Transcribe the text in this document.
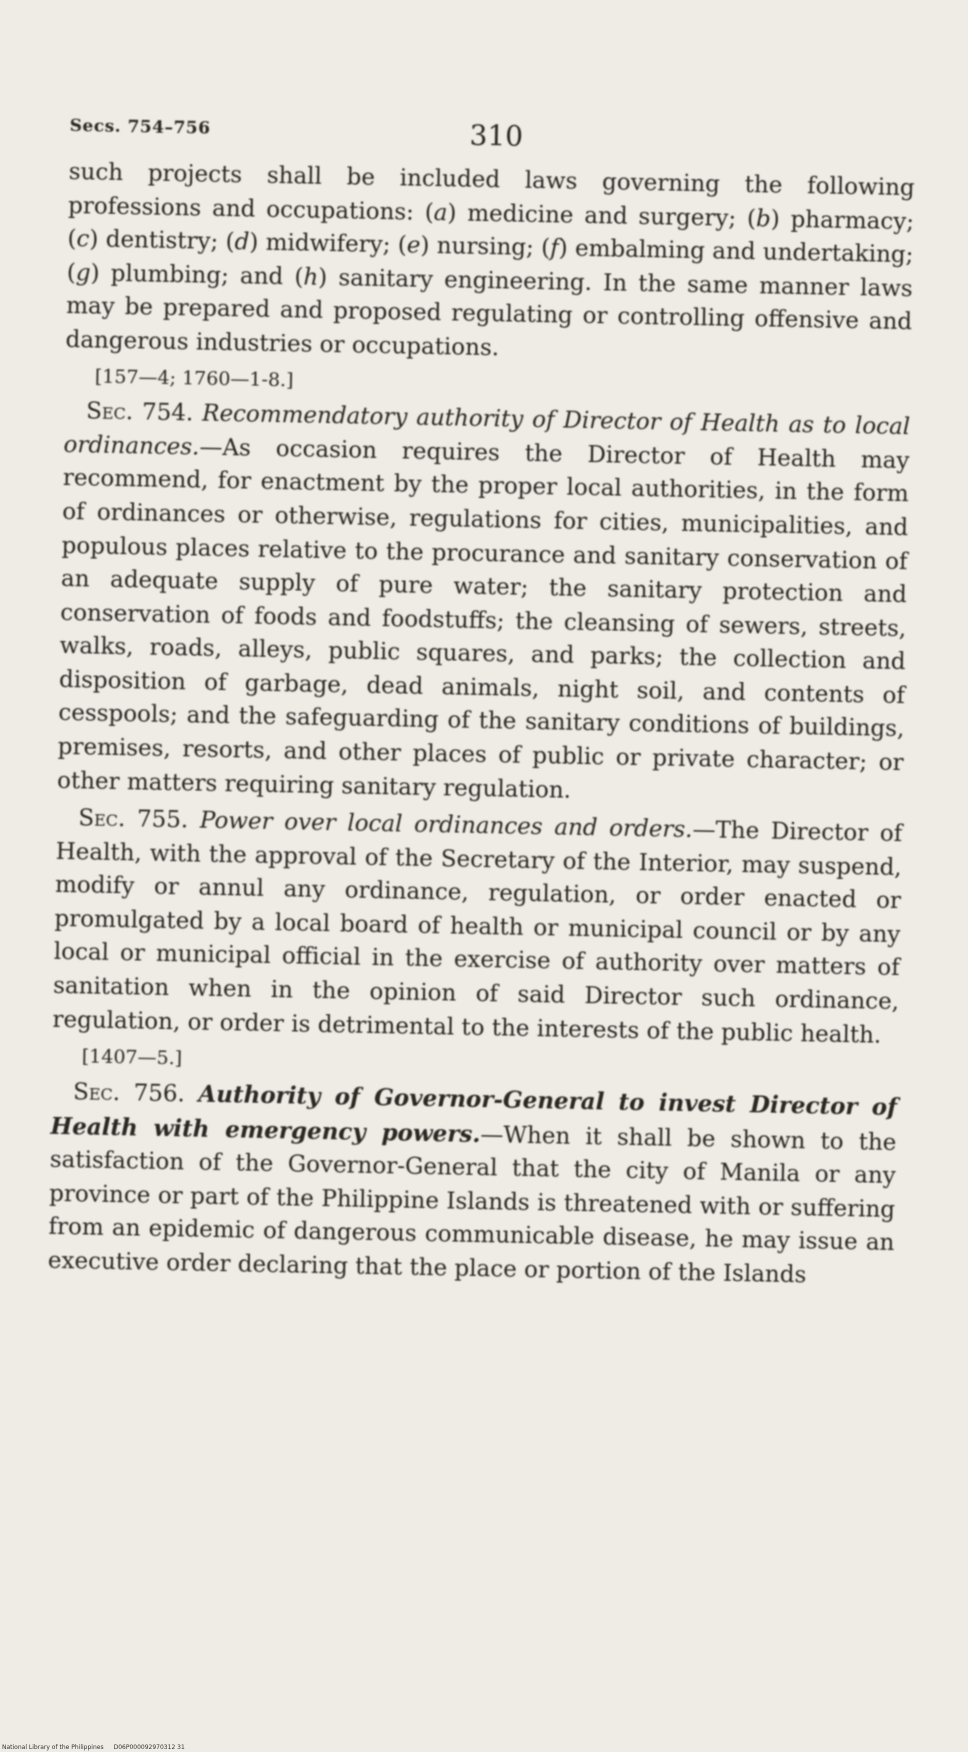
Secs. 754–756	310

such projects shall be included laws governing the following professions and occupations: (a) medicine and surgery; (b) pharmacy; (c) dentistry; (d) midwifery; (e) nursing; (f) embalming and undertaking; (g) plumbing; and (h) sanitary engineering. In the same manner laws may be prepared and proposed regulating or controlling offensive and dangerous industries or occupations.

[157—4; 1760—1-8.]

Sec. 754. Recommendatory authority of Director of Health as to local ordinances.—As occasion requires the Director of Health may recommend, for enactment by the proper local authorities, in the form of ordinances or otherwise, regulations for cities, municipalities, and populous places relative to the procurance and sanitary conservation of an adequate supply of pure water; the sanitary protection and conservation of foods and foodstuffs; the cleansing of sewers, streets, walks, roads, alleys, public squares, and parks; the collection and disposition of garbage, dead animals, night soil, and contents of cesspools; and the safeguarding of the sanitary conditions of buildings, premises, resorts, and other places of public or private character; or other matters requiring sanitary regulation.

Sec. 755. Power over local ordinances and orders.—The Director of Health, with the approval of the Secretary of the Interior, may suspend, modify or annul any ordinance, regulation, or order enacted or promulgated by a local board of health or municipal council or by any local or municipal official in the exercise of authority over matters of sanitation when in the opinion of said Director such ordinance, regulation, or order is detrimental to the interests of the public health.

[1407—5.]

Sec. 756. Authority of Governor-General to invest Director of Health with emergency powers.—When it shall be shown to the satisfaction of the Governor-General that the city of Manila or any province or part of the Philippine Islands is threatened with or suffering from an epidemic of dangerous communicable disease, he may issue an executive order declaring that the place or portion of the Islands

National Library of the Philippines D06P000092970312 31
